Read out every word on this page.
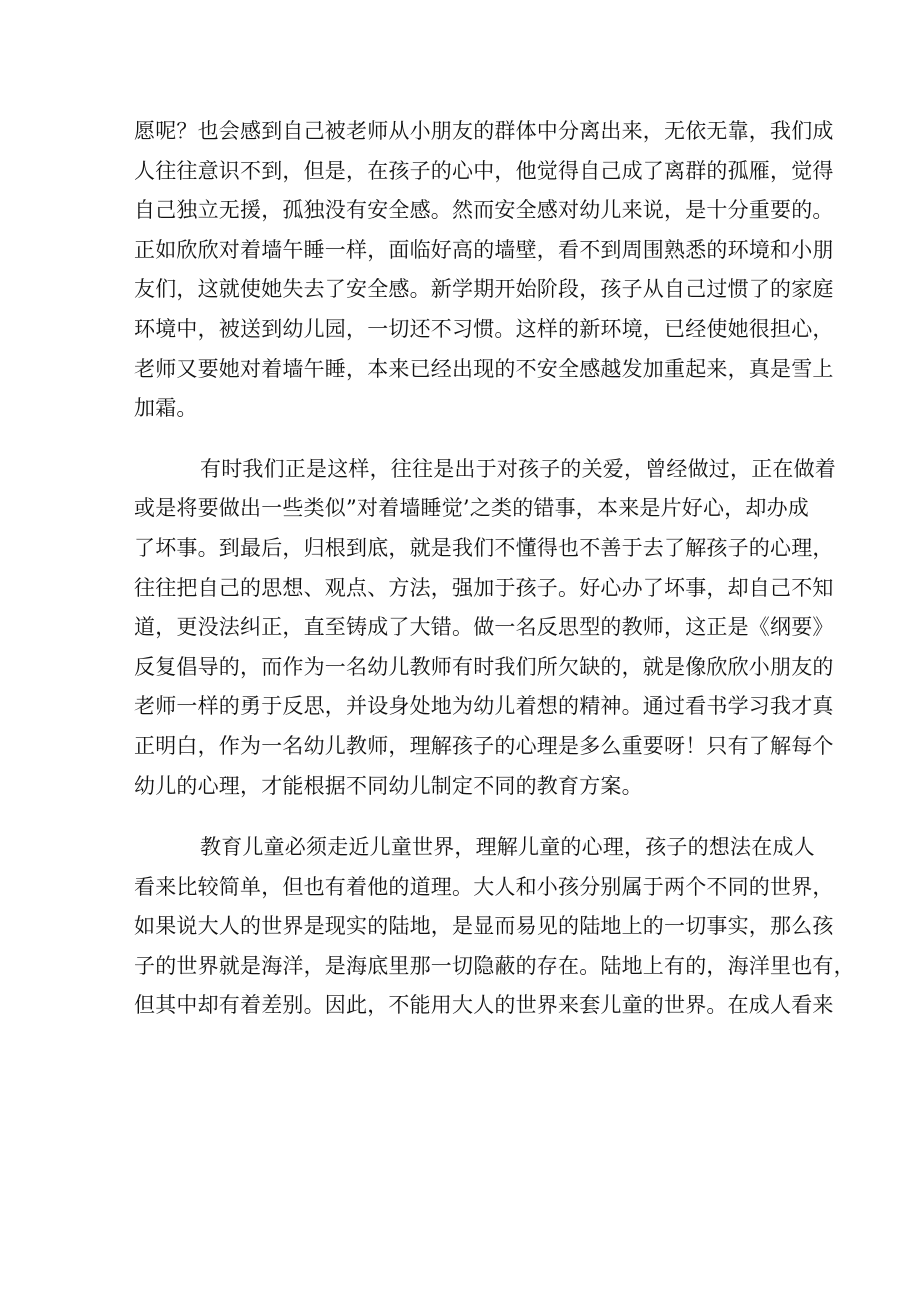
愿呢？也会感到自己被老师从小朋友的群体中分离出来，无依无靠，我们成
人往往意识不到，但是，在孩子的心中，他觉得自己成了离群的孤雁，觉得
自己独立无援，孤独没有安全感。然而安全感对幼儿来说，是十分重要的。
正如欣欣对着墙午睡一样，面临好高的墙壁，看不到周围熟悉的环境和小朋
友们，这就使她失去了安全感。新学期开始阶段，孩子从自己过惯了的家庭
环境中，被送到幼儿园，一切还不习惯。这样的新环境，已经使她很担心，
老师又要她对着墙午睡，本来已经出现的不安全感越发加重起来，真是雪上
加霜。
有时我们正是这样，往往是出于对孩子的关爱，曾经做过，正在做着
或是将要做出一些类似”对着墙睡觉’之类的错事，本来是片好心，却办成
了坏事。到最后，归根到底，就是我们不懂得也不善于去了解孩子的心理，
往往把自己的思想、观点、方法，强加于孩子。好心办了坏事，却自己不知
道，更没法纠正，直至铸成了大错。做一名反思型的教师，这正是《纲要》
反复倡导的，而作为一名幼儿教师有时我们所欠缺的，就是像欣欣小朋友的
老师一样的勇于反思，并设身处地为幼儿着想的精神。通过看书学习我才真
正明白，作为一名幼儿教师，理解孩子的心理是多么重要呀！只有了解每个
幼儿的心理，才能根据不同幼儿制定不同的教育方案。
教育儿童必须走近儿童世界，理解儿童的心理，孩子的想法在成人
看来比较简单，但也有着他的道理。大人和小孩分别属于两个不同的世界，
如果说大人的世界是现实的陆地，是显而易见的陆地上的一切事实，那么孩
子的世界就是海洋，是海底里那一切隐蔽的存在。陆地上有的，海洋里也有，
但其中却有着差别。因此，不能用大人的世界来套儿童的世界。在成人看来
